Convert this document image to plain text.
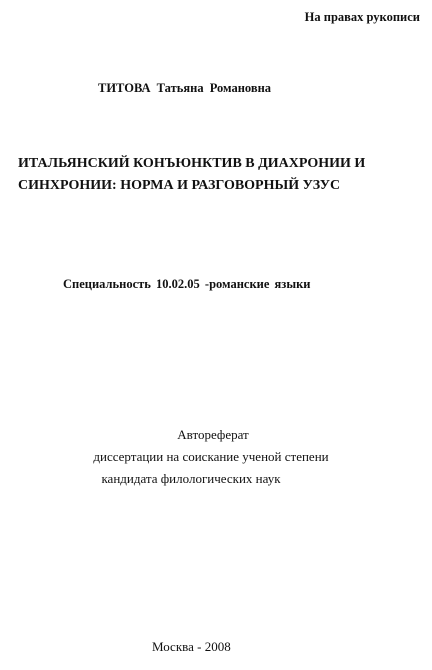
На правах рукописи
ТИТОВА Татьяна Романовна
ИТАЛЬЯНСКИЙ КОНЪЮНКТИВ В ДИАХРОНИИ И
СИНХРОНИИ: НОРМА И РАЗГОВОРНЫЙ УЗУС
Специальность 10.02.05 -романские языки
Автореферат
диссертации на соискание ученой степени
кандидата филологических наук
Москва - 2008
